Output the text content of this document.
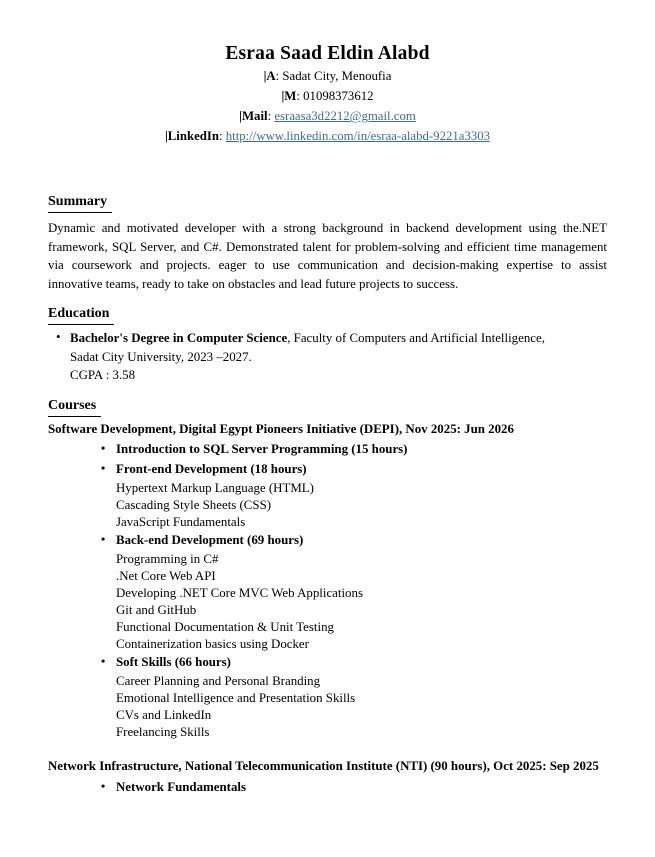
Esraa Saad Eldin Alabd
|A: Sadat City, Menoufia
|M: 01098373612
|Mail: esraasa3d2212@gmail.com
|LinkedIn: http://www.linkedin.com/in/esraa-alabd-9221a3303
Summary
Dynamic and motivated developer with a strong background in backend development using the.NET framework, SQL Server, and C#. Demonstrated talent for problem-solving and efficient time management via coursework and projects. eager to use communication and decision-making expertise to assist innovative teams, ready to take on obstacles and lead future projects to success.
Education
• Bachelor's Degree in Computer Science, Faculty of Computers and Artificial Intelligence,
Sadat City University, 2023 –2027.
CGPA : 3.58
Courses
Software Development, Digital Egypt Pioneers Initiative (DEPI), Nov 2025: Jun 2026
• Introduction to SQL Server Programming (15 hours)
• Front-end Development (18 hours)
Hypertext Markup Language (HTML)
Cascading Style Sheets (CSS)
JavaScript Fundamentals
• Back-end Development (69 hours)
Programming in C#
.Net Core Web API
Developing .NET Core MVC Web Applications
Git and GitHub
Functional Documentation & Unit Testing
Containerization basics using Docker
• Soft Skills (66 hours)
Career Planning and Personal Branding
Emotional Intelligence and Presentation Skills
CVs and LinkedIn
Freelancing Skills
Network Infrastructure, National Telecommunication Institute (NTI) (90 hours), Oct 2025: Sep 2025
• Network Fundamentals
